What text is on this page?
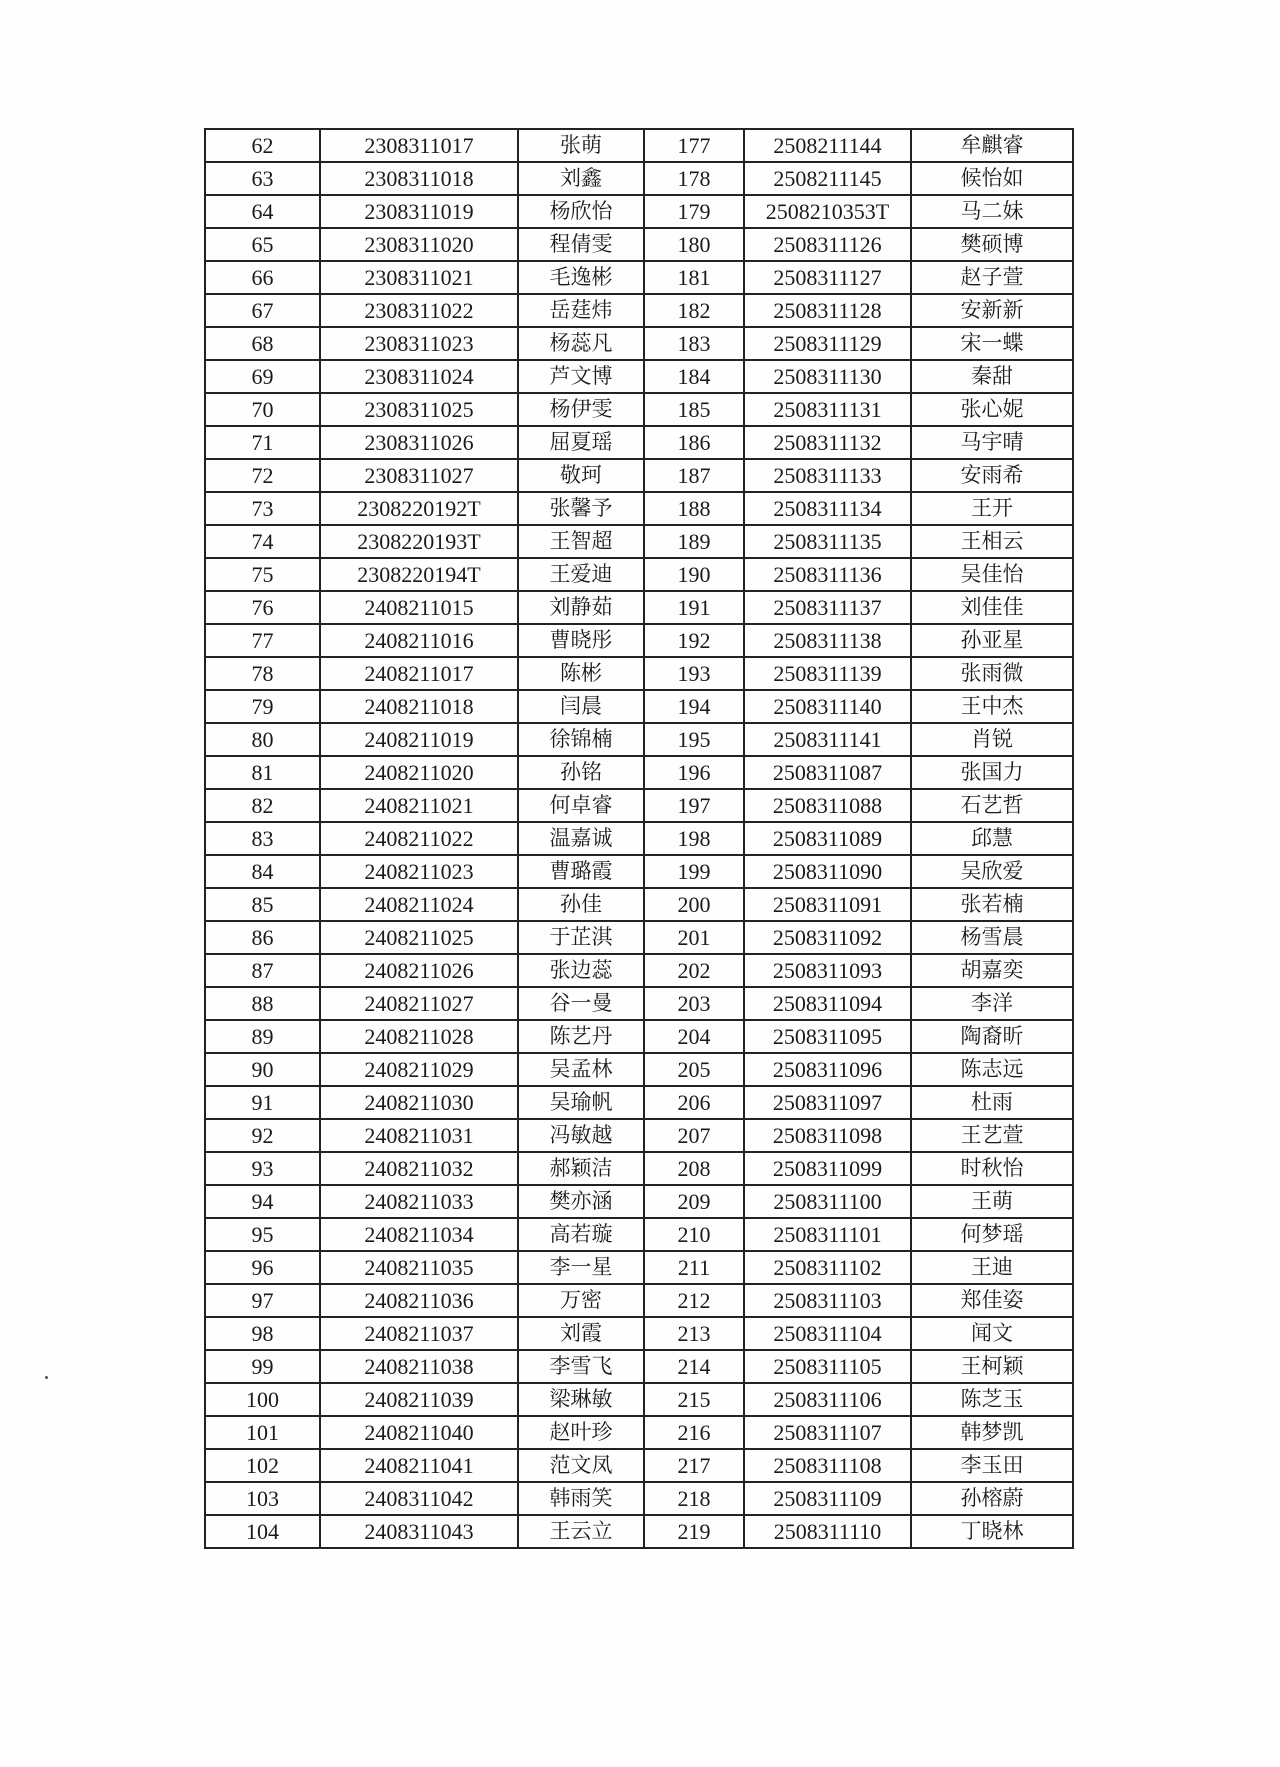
62	2308311017	张萌	177	2508211144	牟麒睿
63	2308311018	刘鑫	178	2508211145	候怡如
64	2308311019	杨欣怡	179	2508210353T	马二妹
65	2308311020	程倩雯	180	2508311126	樊硕博
66	2308311021	毛逸彬	181	2508311127	赵子萱
67	2308311022	岳莛炜	182	2508311128	安新新
68	2308311023	杨蕊凡	183	2508311129	宋一蝶
69	2308311024	芦文博	184	2508311130	秦甜
70	2308311025	杨伊雯	185	2508311131	张心妮
71	2308311026	屈夏瑶	186	2508311132	马宇晴
72	2308311027	敬珂	187	2508311133	安雨希
73	2308220192T	张馨予	188	2508311134	王开
74	2308220193T	王智超	189	2508311135	王相云
75	2308220194T	王爱迪	190	2508311136	吴佳怡
76	2408211015	刘静茹	191	2508311137	刘佳佳
77	2408211016	曹晓彤	192	2508311138	孙亚星
78	2408211017	陈彬	193	2508311139	张雨微
79	2408211018	闫晨	194	2508311140	王中杰
80	2408211019	徐锦楠	195	2508311141	肖锐
81	2408211020	孙铭	196	2508311087	张国力
82	2408211021	何卓睿	197	2508311088	石艺哲
83	2408211022	温嘉诚	198	2508311089	邱慧
84	2408211023	曹璐霞	199	2508311090	吴欣爱
85	2408211024	孙佳	200	2508311091	张若楠
86	2408211025	于芷淇	201	2508311092	杨雪晨
87	2408211026	张边蕊	202	2508311093	胡嘉奕
88	2408211027	谷一曼	203	2508311094	李洋
89	2408211028	陈艺丹	204	2508311095	陶裔昕
90	2408211029	吴孟林	205	2508311096	陈志远
91	2408211030	吴瑜帆	206	2508311097	杜雨
92	2408211031	冯敏越	207	2508311098	王艺萱
93	2408211032	郝颖洁	208	2508311099	时秋怡
94	2408211033	樊亦涵	209	2508311100	王萌
95	2408211034	高若璇	210	2508311101	何梦瑶
96	2408211035	李一星	211	2508311102	王迪
97	2408211036	万密	212	2508311103	郑佳姿
98	2408211037	刘霞	213	2508311104	闻文
99	2408211038	李雪飞	214	2508311105	王柯颖
100	2408211039	梁琳敏	215	2508311106	陈芝玉
101	2408211040	赵叶珍	216	2508311107	韩梦凯
102	2408211041	范文凤	217	2508311108	李玉田
103	2408311042	韩雨笑	218	2508311109	孙榕蔚
104	2408311043	王云立	219	2508311110	丁晓林
